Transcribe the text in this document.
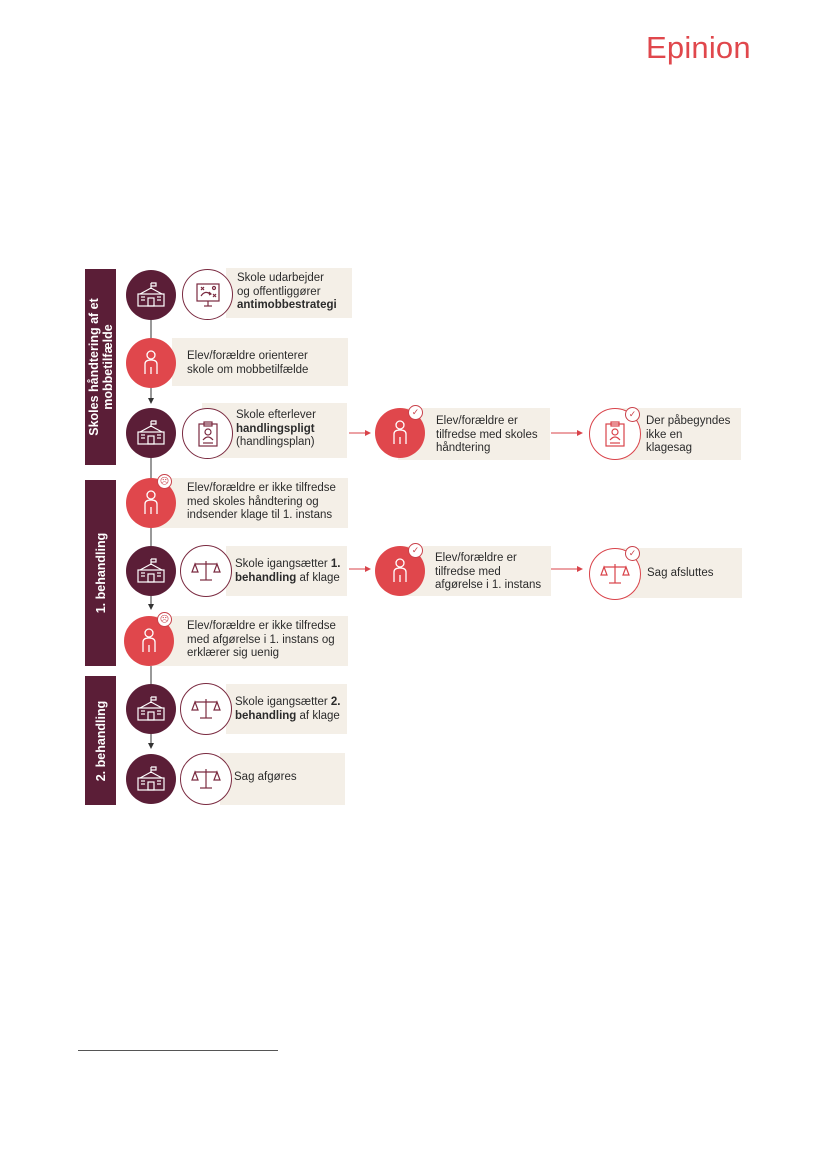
Epinion
Skoles håndtering af et
mobbetilfælde
1. behandling
2. behandling
Skole udarbejder
og offentliggører
antimobbestrategi
Elev/forældre orienterer
skole om mobbetilfælde
Skole efterlever
handlingspligt
(handlingsplan)
Elev/forældre er
tilfredse med skoles
håndtering
Der påbegyndes
ikke en
klagesag
Elev/forældre er ikke tilfredse
med skoles håndtering og
indsender klage til 1. instans
Skole igangsætter 1.
behandling af klage
Elev/forældre er
tilfredse med
afgørelse i 1. instans
Sag afsluttes
Elev/forældre er ikke tilfredse
med afgørelse i 1. instans og
erklærer sig uenig
Skole igangsætter 2.
behandling af klage
Sag afgøres
☹
☹
✓
✓
✓
✓
